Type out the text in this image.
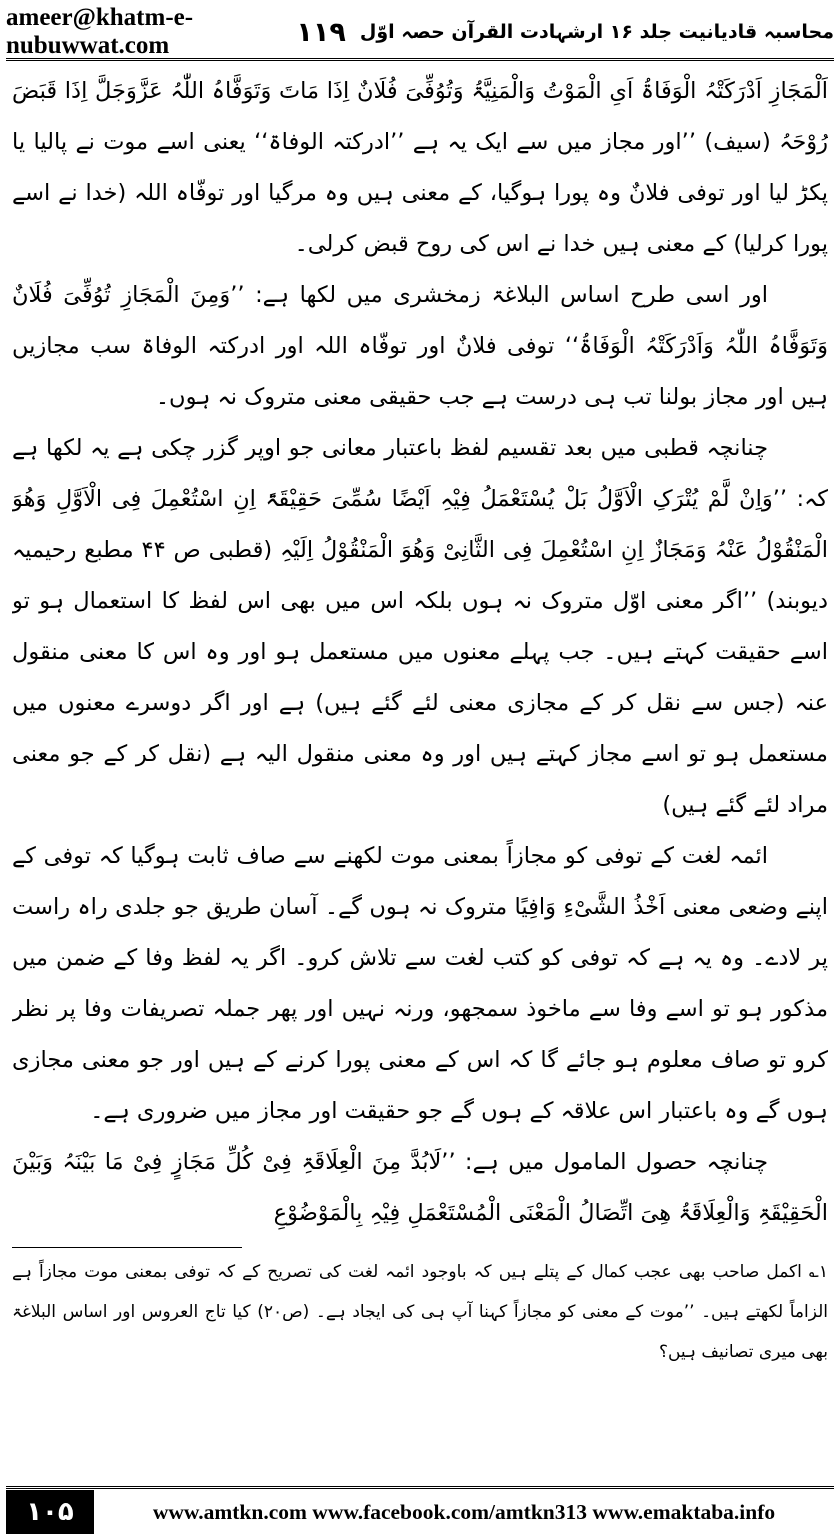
ameer@khatm-e-nubuwwat.com	۱۱۹ محاسبہ قادیانیت جلد ۱۶ ارشہادت القرآن حصہ اوّل

اَلْمَجَازِ اَدْرَکَتْہُ الْوَفَاۃُ اَیِ الْمَوْتُ وَالْمَنِیَّۃُ وَتُوُفِّیَ فُلَانٌ اِذَا مَاتَ وَتَوَفَّاہُ اللّٰہُ عَزَّوَجَلَّ اِذَا قَبَضَ رُوْحَہُ (سیف) ’’اور مجاز میں سے ایک یہ ہے ’’ادرکتہ الوفاۃ‘‘ یعنی اسے موت نے پالیا یا پکڑ لیا اور توفی فلانٌ وہ پورا ہوگیا، کے معنی ہیں وہ مرگیا اور توفّاہ اللہ (خدا نے اسے پورا کرلیا) کے معنی ہیں خدا نے اس کی روح قبض کرلی۔

اور اسی طرح اساس البلاغۃ زمخشری میں لکھا ہے: ’’وَمِنَ الْمَجَازِ تُوُفِّیَ فُلَانٌ وَتَوَفَّاہُ اللّٰہُ وَاَدْرَکَتْہُ الْوَفَاۃُ‘‘ توفی فلانٌ اور توفّاہ اللہ اور ادرکتہ الوفاۃ سب مجازیں ہیں اور مجاز بولنا تب ہی درست ہے جب حقیقی معنی متروک نہ ہوں۔

چنانچہ قطبی میں بعد تقسیم لفظ باعتبار معانی جو اوپر گزر چکی ہے یہ لکھا ہے کہ: ’’وَاِنْ لَّمْ یُتْرَکِ الْاَوَّلُ بَلْ یُسْتَعْمَلُ فِیْہِ اَیْضًا سُمِّیَ حَقِیْقَۃً اِنِ اسْتُعْمِلَ فِی الْاَوَّلِ وَھُوَ الْمَنْقُوْلُ عَنْہُ وَمَجَازٌ اِنِ اسْتُعْمِلَ فِی الثَّانِیْ وَھُوَ الْمَنْقُوْلُ اِلَیْہِ (قطبی ص ۴۴ مطبع رحیمیہ دیوبند) ’’اگر معنی اوّل متروک نہ ہوں بلکہ اس میں بھی اس لفظ کا استعمال ہو تو اسے حقیقت کہتے ہیں۔ جب پہلے معنوں میں مستعمل ہو اور وہ اس کا معنی منقول عنہ (جس سے نقل کر کے مجازی معنی لئے گئے ہیں) ہے اور اگر دوسرے معنوں میں مستعمل ہو تو اسے مجاز کہتے ہیں اور وہ معنی منقول الیہ ہے (نقل کر کے جو معنی مراد لئے گئے ہیں)

ائمہ لغت کے توفی کو مجازاً بمعنی موت لکھنے سے صاف ثابت ہوگیا کہ توفی کے اپنے وضعی معنی اَخْذُ الشَّیْءِ وَافِیًا متروک نہ ہوں گے۔ آسان طریق جو جلدی راہ راست پر لادے۔ وہ یہ ہے کہ توفی کو کتب لغت سے تلاش کرو۔ اگر یہ لفظ وفا کے ضمن میں مذکور ہو تو اسے وفا سے ماخوذ سمجھو، ورنہ نہیں اور پھر جملہ تصریفات وفا پر نظر کرو تو صاف معلوم ہو جائے گا کہ اس کے معنی پورا کرنے کے ہیں اور جو معنی مجازی ہوں گے وہ باعتبار اس علاقہ کے ہوں گے جو حقیقت اور مجاز میں ضروری ہے۔

چنانچہ حصول المامول میں ہے: ’’لَابُدَّ مِنَ الْعِلَاقَۃِ فِیْ کُلِّ مَجَازٍ فِیْ مَا بَیْنَہُ وَبَیْنَ الْحَقِیْقَۃِ وَالْعِلَاقَۃُ ھِیَ اتِّصَالُ الْمَعْنَی الْمُسْتَعْمَلِ فِیْہِ بِالْمَوْضُوْعِ

۱؎ اکمل صاحب بھی عجب کمال کے پتلے ہیں کہ باوجود ائمہ لغت کی تصریح کے کہ توفی بمعنی موت مجازاً ہے الزاماً لکھتے ہیں۔ ’’موت کے معنی کو مجازاً کہنا آپ ہی کی ایجاد ہے۔ (ص۲۰) کیا تاج العروس اور اساس البلاغۃ بھی میری تصانیف ہیں؟

۱۰۵	www.amtkn.com www.facebook.com/amtkn313 www.emaktaba.info
